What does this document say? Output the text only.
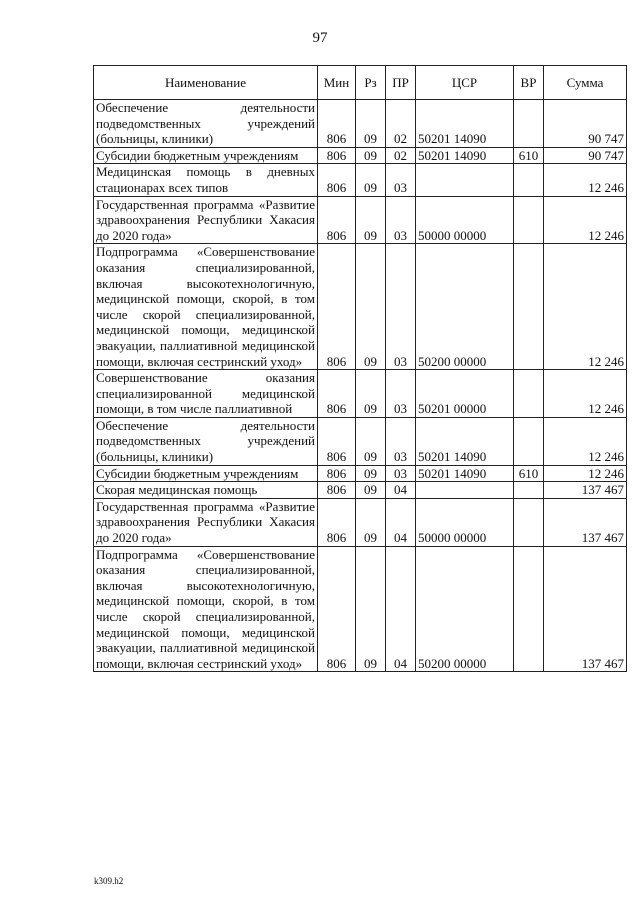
97
Наименование	Мин	Рз	ПР	ЦСР	ВР	Сумма
Обеспечение деятельности подведомственных учреждений (больницы, клиники)	806	09	02	50201 14090		90 747
Субсидии бюджетным учреждениям	806	09	02	50201 14090	610	90 747
Медицинская помощь в дневных стационарах всех типов	806	09	03			12 246
Государственная программа «Развитие здравоохранения Республики Хакасия до 2020 года»	806	09	03	50000 00000		12 246
Подпрограмма «Совершенствование оказания специализированной, включая высокотехнологичную, медицинской помощи, скорой, в том числе скорой специализированной, медицинской помощи, медицинской эвакуации, паллиативной медицинской помощи, включая сестринский уход»	806	09	03	50200 00000		12 246
Совершенствование оказания специализированной медицинской помощи, в том числе паллиативной	806	09	03	50201 00000		12 246
Обеспечение деятельности подведомственных учреждений (больницы, клиники)	806	09	03	50201 14090		12 246
Субсидии бюджетным учреждениям	806	09	03	50201 14090	610	12 246
Скорая медицинская помощь	806	09	04			137 467
Государственная программа «Развитие здравоохранения Республики Хакасия до 2020 года»	806	09	04	50000 00000		137 467
Подпрограмма «Совершенствование оказания специализированной, включая высокотехнологичную, медицинской помощи, скорой, в том числе скорой специализированной, медицинской помощи, медицинской эвакуации, паллиативной медицинской помощи, включая сестринский уход»	806	09	04	50200 00000		137 467
k309.h2
